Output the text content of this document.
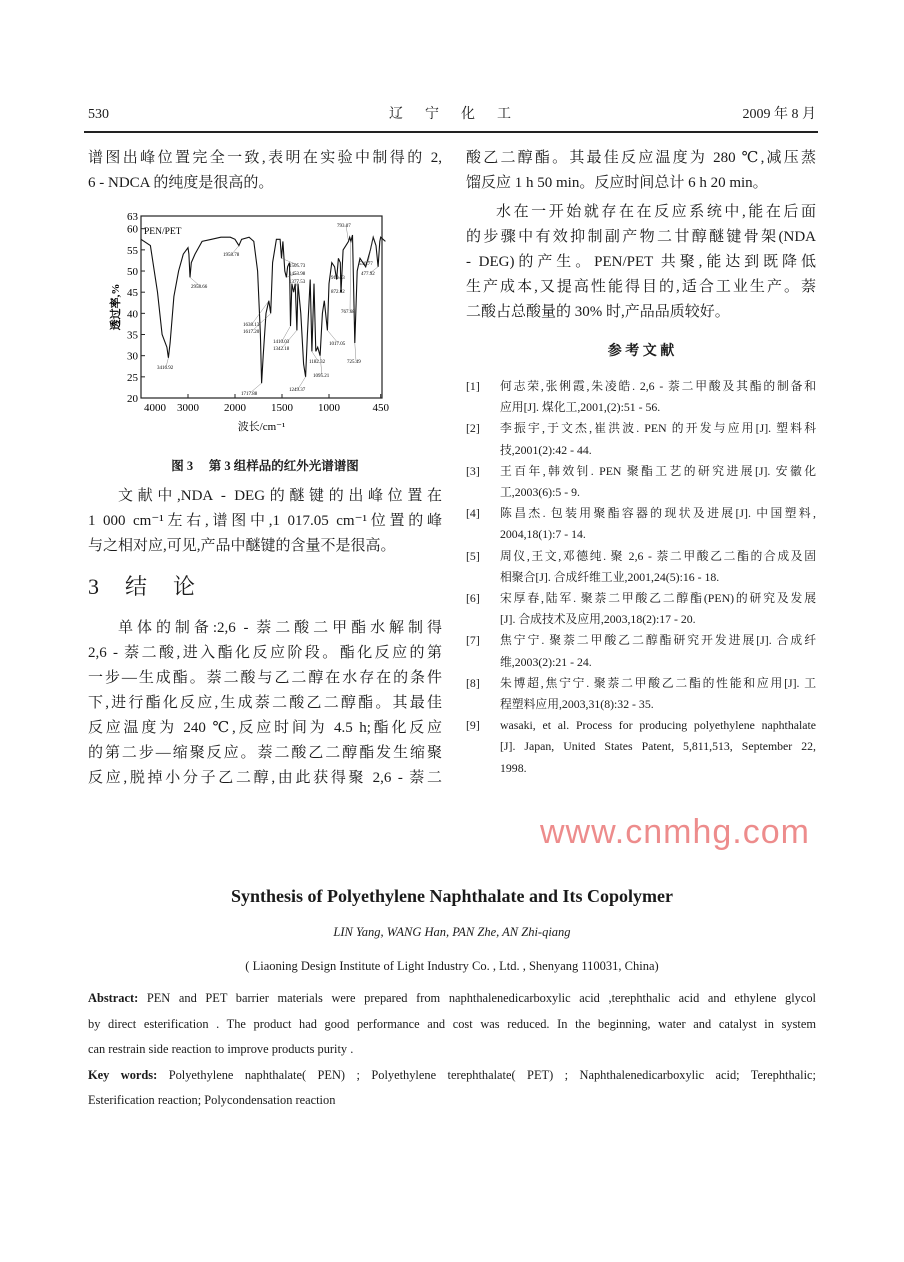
530	辽　宁　化　工	2009 年 8 月
谱图出峰位置完全一致,表明在实验中制得的 2,
6 - NDCA 的纯度是很高的。
20
25
30
35
40
45
50
55
60
63
4000 3000 2000 1500 1000	450
PEN/PET
3416.92
2958.66
1958.78
1717.88
1638.13
1617.20
1505.73
1453.98
1377.53
1410.03
1342.18
1249.37
1182.32
1095.21
1017.05
919.53
872.02
793.07
767.68
725.49
530.77
477.92
波长/cm⁻¹
透过率,%
图 3　 第 3 组样品的红外光谱谱图
文献中,NDA - DEG的醚键的出峰位置在
1 000 cm⁻¹左右,谱图中,1 017.05 cm⁻¹位置的峰
与之相对应,可见,产品中醚键的含量不是很高。
3　结　论
单体的制备:2,6 - 萘二酸二甲酯水解制得
2,6 - 萘二酸,进入酯化反应阶段。酯化反应的第
一步—生成酯。萘二酸与乙二醇在水存在的条件
下,进行酯化反应,生成萘二酸乙二醇酯。其最佳
反应温度为 240 ℃,反应时间为 4.5 h;酯化反应
的第二步—缩聚反应。萘二酸乙二醇酯发生缩聚
反应,脱掉小分子乙二醇,由此获得聚 2,6 - 萘二
酸乙二醇酯。其最佳反应温度为 280 ℃,减压蒸
馏反应 1 h 50 min。反应时间总计 6 h 20 min。
水在一开始就存在在反应系统中,能在后面
的步骤中有效抑制副产物二甘醇醚键骨架(NDA
- DEG)的产生。PEN/PET 共聚,能达到既降低
生产成本,又提高性能得目的,适合工业生产。萘
二酸占总酸量的 30% 时,产品品质较好。
参 考 文 献
[1]	何志荣,张俐霞,朱凌皓. 2,6 - 萘二甲酸及其酯的制备和
应用[J]. 煤化工,2001,(2):51 - 56.
[2]	李振宇,于文杰,崔洪波. PEN 的开发与应用[J]. 塑料科
技,2001(2):42 - 44.
[3]	王百年,韩效钊. PEN 聚酯工艺的研究进展[J]. 安徽化
工,2003(6):5 - 9.
[4]	陈昌杰. 包装用聚酯容器的现状及进展[J]. 中国塑料,
2004,18(1):7 - 14.
[5]	周仪,王文,邓德纯. 聚 2,6 - 萘二甲酸乙二酯的合成及固
相聚合[J]. 合成纤维工业,2001,24(5):16 - 18.
[6]	宋厚春,陆军. 聚萘二甲酸乙二醇酯(PEN)的研究及发展
[J]. 合成技术及应用,2003,18(2):17 - 20.
[7]	焦宁宁. 聚萘二甲酸乙二醇酯研究开发进展[J]. 合成纤
维,2003(2):21 - 24.
[8]	朱博超,焦宁宁. 聚萘二甲酸乙二酯的性能和应用[J]. 工
程塑料应用,2003,31(8):32 - 35.
[9]	wasaki, et al. Process for producing polyethylene naphthalate
[J]. Japan, United States Patent, 5,811,513, September 22,
1998.
www.cnmhg.com
Synthesis of Polyethylene Naphthalate and Its Copolymer
LIN Yang, WANG Han, PAN Zhe, AN Zhi-qiang
( Liaoning Design Institute of Light Industry Co. , Ltd. , Shenyang 110031, China)
Abstract: PEN and PET barrier materials were prepared from naphthalenedicarboxylic acid ,terephthalic acid and ethylene glycol
by direct esterification . The product had good performance and cost was reduced. In the beginning, water and catalyst in system
can restrain side reaction to improve products purity .
Key words: Polyethylene naphthalate( PEN) ; Polyethylene terephthalate( PET) ; Naphthalenedicarboxylic acid; Terephthalic;
Esterification reaction; Polycondensation reaction
